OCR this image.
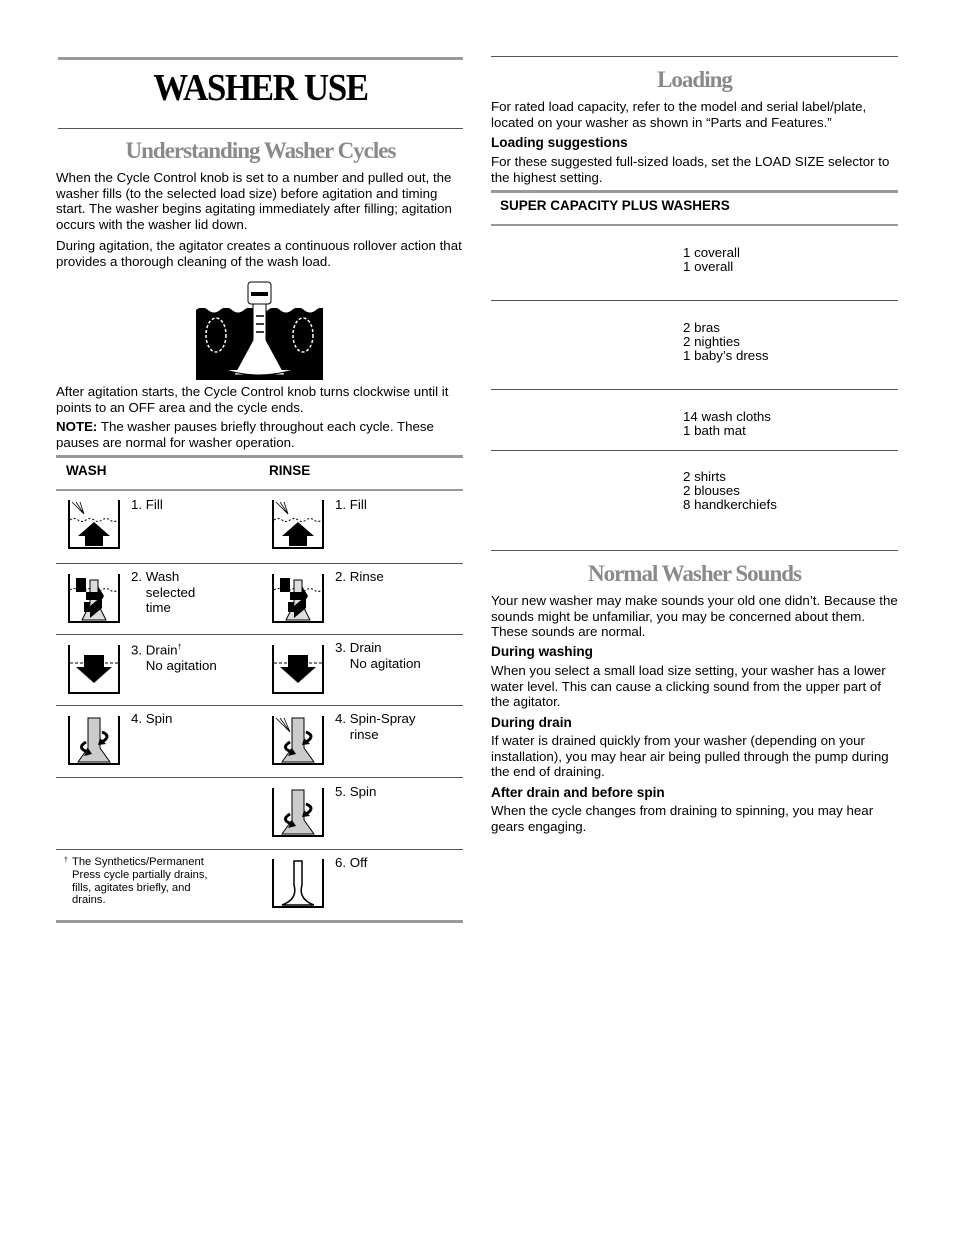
WASHER USE
Understanding Washer Cycles
When the Cycle Control knob is set to a number and pulled out, the washer fills (to the selected load size) before agitation and timing start. The washer begins agitating immediately after filling; agitation occurs with the washer lid down.
During agitation, the agitator creates a continuous rollover action that provides a thorough cleaning of the wash load.
After agitation starts, the Cycle Control knob turns clockwise until it points to an OFF area and the cycle ends.
NOTE: The washer pauses briefly throughout each cycle. These pauses are normal for washer operation.
WASH	RINSE
1. Fill
2. Wash
selected
time
3. Drain†
No agitation
4. Spin
† The Synthetics/Permanent
Press cycle partially drains,
fills, agitates briefly, and
drains.
1. Fill
2. Rinse
3. Drain
No agitation
4. Spin-Spray
rinse
5. Spin
6. Off
Loading
For rated load capacity, refer to the model and serial label/plate, located on your washer as shown in “Parts and Features.”
Loading suggestions
For these suggested full-sized loads, set the LOAD SIZE selector to the highest setting.
SUPER CAPACITY PLUS WASHERS
1 coverall
1 overall
2 bras
2 nighties
1 baby’s dress
14 wash cloths
1 bath mat
2 shirts
2 blouses
8 handkerchiefs
Normal Washer Sounds
Your new washer may make sounds your old one didn’t. Because the sounds might be unfamiliar, you may be concerned about them. These sounds are normal.
During washing
When you select a small load size setting, your washer has a lower water level. This can cause a clicking sound from the upper part of the agitator.
During drain
If water is drained quickly from your washer (depending on your installation), you may hear air being pulled through the pump during the end of draining.
After drain and before spin
When the cycle changes from draining to spinning, you may hear gears engaging.
